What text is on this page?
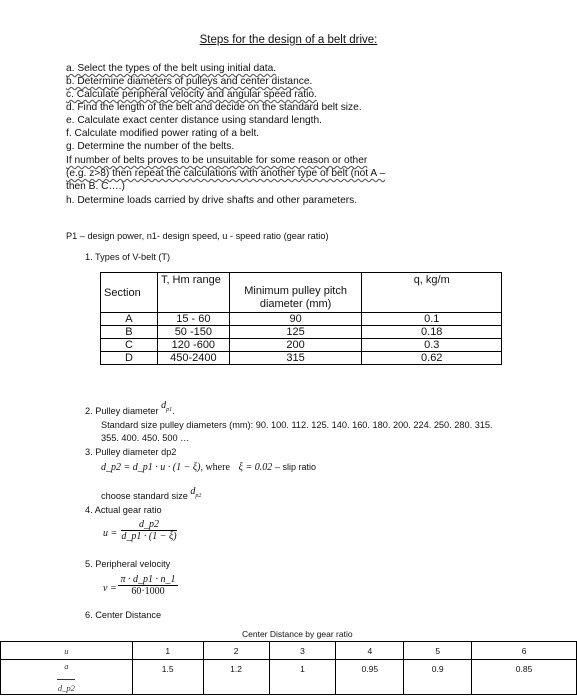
Steps for the design of a belt drive:
a. Select the types of the belt using initial data.
b. Determine diameters of pulleys and center distance.
c. Calculate peripheral velocity and angular speed ratio.
d. Find the length of the belt and decide on the standard belt size.
e. Calculate exact center distance using standard length.
f. Calculate modified power rating of a belt.
g. Determine the number of the belts.
If number of belts proves to be unsuitable for some reason or other
(e.g. z>8) then repeat the calculations with another type of belt (not A –
then B. C….)
h. Determine loads carried by drive shafts and other parameters.
P1 – design power, n1- design speed, u - speed ratio (gear ratio)
1. Types of V-belt (T)
Section	T, Hm range	Minimum pulley pitch diameter (mm)	q, kg/m
A	15 - 60	90	0.1
B	50 -150	125	0.18
C	120 -600	200	0.3
D	450-2400	315	0.62
2. Pulley diameter $d_{p1}$.
Standard size pulley diameters (mm): 90. 100. 112. 125. 140. 160. 180. 200. 224. 250. 280. 315.
355. 400. 450. 500 …
3. Pulley diameter dp2
d_p2 = d_p1 · u · (1 − ξ), where ξ = 0.02 – slip ratio
choose standard size $d_{p2}$
4. Actual gear ratio
u =
d_p2
d_p1 · (1 − ξ)
5. Peripheral velocity
v =
π · d_p1 · n_1
60·1000
6. Center Distance
Center Distance by gear ratio
u	1	2	3	4	5	6
a

d_p2	1.5	1.2	1	0.95	0.9	0.85
